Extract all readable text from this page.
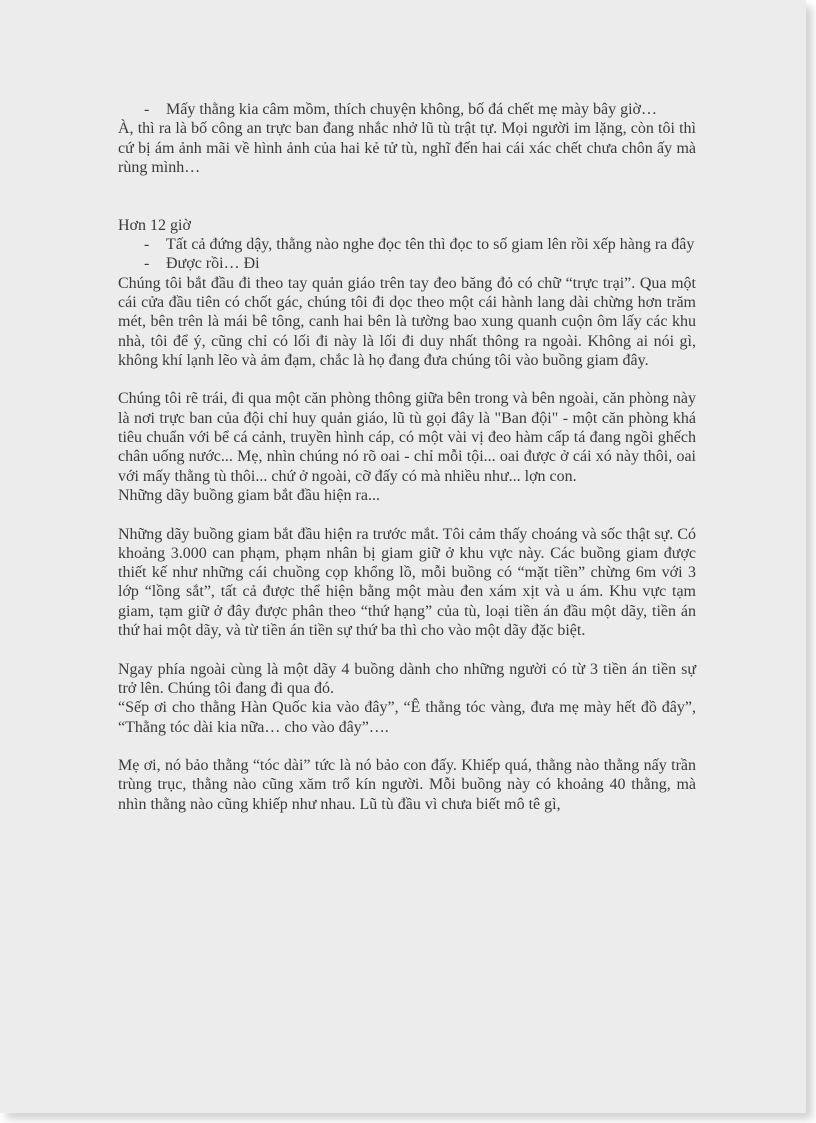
- Mấy thằng kia câm mồm, thích chuyện không, bố đá chết mẹ mày bây giờ…

À, thì ra là bố công an trực ban đang nhắc nhở lũ tù trật tự. Mọi người im lặng, còn tôi thì cứ bị ám ảnh mãi về hình ảnh của hai kẻ tử tù, nghĩ đến hai cái xác chết chưa chôn ấy mà rùng mình…

Hơn 12 giờ

- Tất cả đứng dậy, thằng nào nghe đọc tên thì đọc to số giam lên rồi xếp hàng ra đây

- Được rồi… Đi

Chúng tôi bắt đầu đi theo tay quản giáo trên tay đeo băng đỏ có chữ “trực trại”. Qua một cái cửa đầu tiên có chốt gác, chúng tôi đi dọc theo một cái hành lang dài chừng hơn trăm mét, bên trên là mái bê tông, canh hai bên là tường bao xung quanh cuộn ôm lấy các khu nhà, tôi để ý, cũng chỉ có lối đi này là lối đi duy nhất thông ra ngoài. Không ai nói gì, không khí lạnh lẽo và ảm đạm, chắc là họ đang đưa chúng tôi vào buồng giam đây.

Chúng tôi rẽ trái, đi qua một căn phòng thông giữa bên trong và bên ngoài, căn phòng này là nơi trực ban của đội chỉ huy quản giáo, lũ tù gọi đây là "Ban đội" - một căn phòng khá tiêu chuẩn với bể cá cảnh, truyền hình cáp, có một vài vị đeo hàm cấp tá đang ngồi ghếch chân uống nước... Mẹ, nhìn chúng nó rõ oai - chỉ mỗi tội... oai được ở cái xó này thôi, oai với mấy thằng tù thôi... chứ ở ngoài, cỡ đấy có mà nhiều như... lợn con.

Những dãy buồng giam bắt đầu hiện ra...

Những dãy buồng giam bắt đầu hiện ra trước mắt. Tôi cảm thấy choáng và sốc thật sự. Có khoảng 3.000 can phạm, phạm nhân bị giam giữ ở khu vực này. Các buồng giam được thiết kế như những cái chuồng cọp khổng lồ, mỗi buồng có “mặt tiền” chừng 6m với 3 lớp “lồng sắt”, tất cả được thể hiện bằng một màu đen xám xịt và u ám. Khu vực tạm giam, tạm giữ ở đây được phân theo “thứ hạng” của tù, loại tiền án đầu một dãy, tiền án thứ hai một dãy, và từ tiền án tiền sự thứ ba thì cho vào một dãy đặc biệt.

Ngay phía ngoài cùng là một dãy 4 buồng dành cho những người có từ 3 tiền án tiền sự trở lên. Chúng tôi đang đi qua đó.

“Sếp ơi cho thằng Hàn Quốc kia vào đây”, “Ê thằng tóc vàng, đưa mẹ mày hết đồ đây”, “Thằng tóc dài kia nữa… cho vào đây”….

Mẹ ơi, nó bảo thằng “tóc dài” tức là nó bảo con đấy. Khiếp quá, thằng nào thằng nấy trần trùng trục, thằng nào cũng xăm trổ kín người. Mỗi buồng này có khoảng 40 thằng, mà nhìn thằng nào cũng khiếp như nhau. Lũ tù đầu vì chưa biết mô tê gì,
